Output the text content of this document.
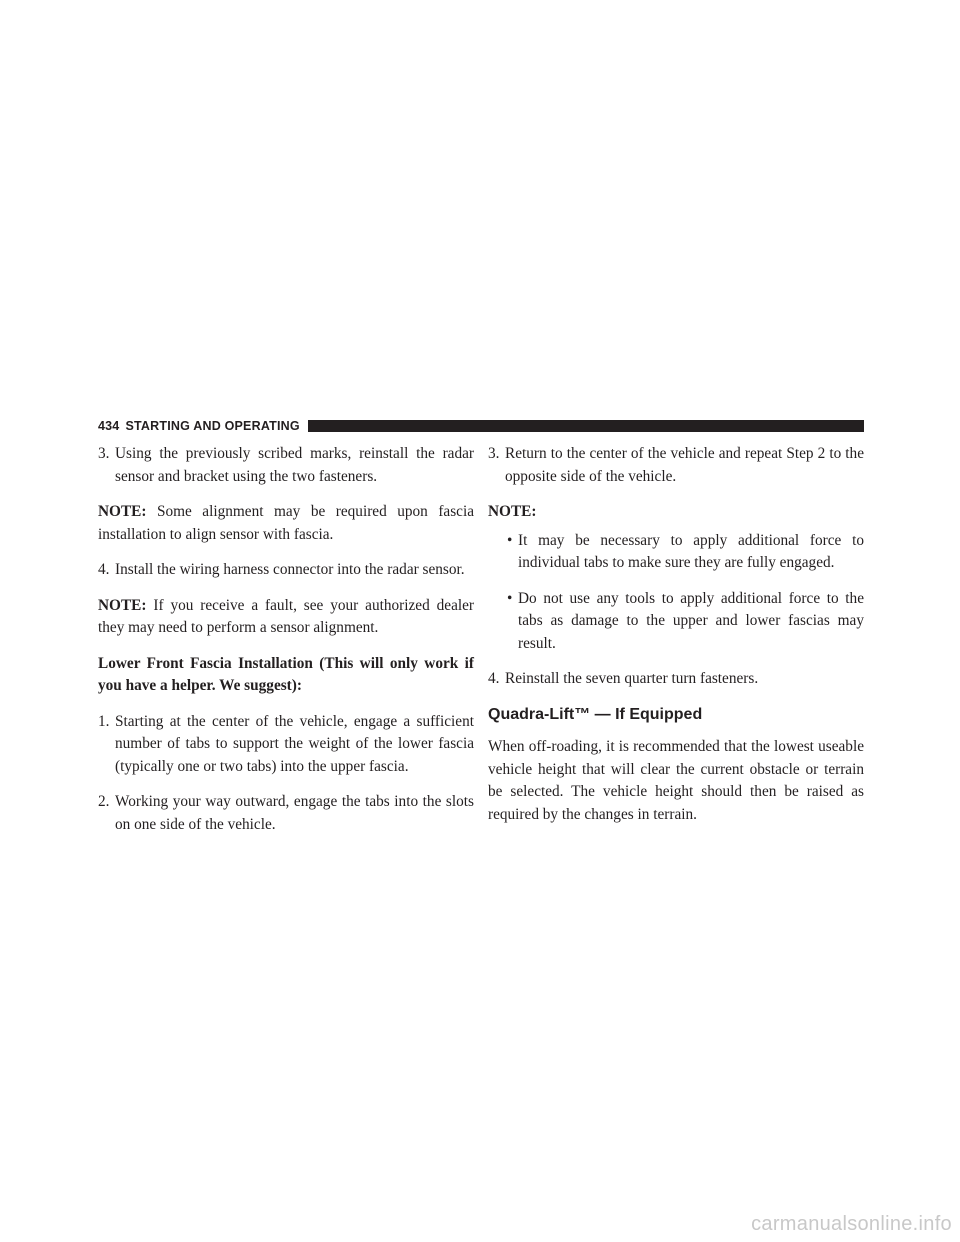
434 STARTING AND OPERATING

3. Using the previously scribed marks, reinstall the radar sensor and bracket using the two fasteners.

NOTE: Some alignment may be required upon fascia installation to align sensor with fascia.

4. Install the wiring harness connector into the radar sensor.

NOTE: If you receive a fault, see your authorized dealer they may need to perform a sensor alignment.

Lower Front Fascia Installation (This will only work if you have a helper. We suggest):

1. Starting at the center of the vehicle, engage a sufficient number of tabs to support the weight of the lower fascia (typically one or two tabs) into the upper fascia.

2. Working your way outward, engage the tabs into the slots on one side of the vehicle.

3. Return to the center of the vehicle and repeat Step 2 to the opposite side of the vehicle.

NOTE:

• It may be necessary to apply additional force to individual tabs to make sure they are fully engaged.

• Do not use any tools to apply additional force to the tabs as damage to the upper and lower fascias may result.

4. Reinstall the seven quarter turn fasteners.

Quadra-Lift™ — If Equipped

When off-roading, it is recommended that the lowest useable vehicle height that will clear the current obstacle or terrain be selected. The vehicle height should then be raised as required by the changes in terrain.

carmanualsonline.info
